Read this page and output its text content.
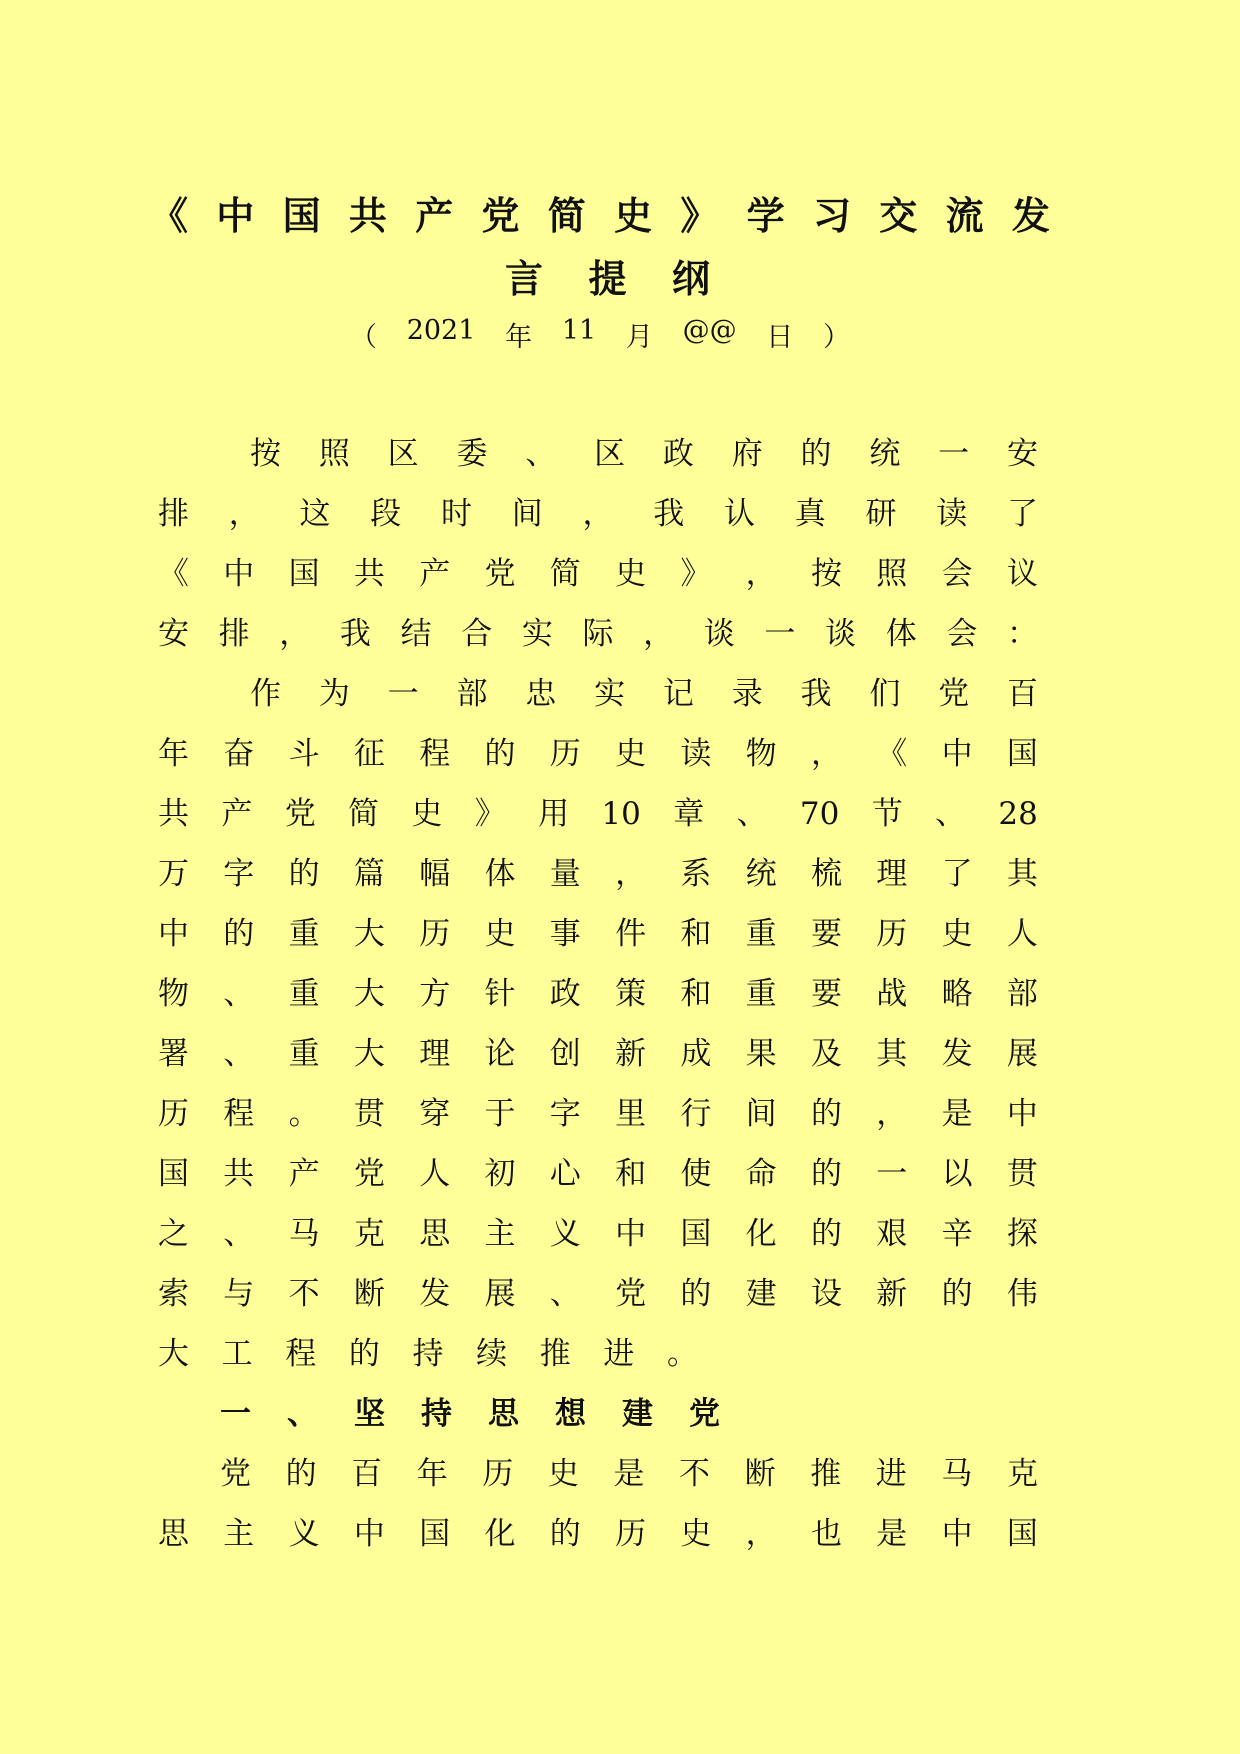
《 中 国 共 产 党 简 史 》 学 习 交 流 发
言 提 纲
（ 2021 年 11 月 @@ 日 ）
按 照 区 委 、 区 政 府 的 统 一 安
排 ， 这 段 时 间 ， 我 认 真 研 读 了
《 中 国 共 产 党 简 史 》 ， 按 照 会 议
安 排 ， 我 结 合 实 际 ， 谈 一 谈 体 会 ：
作 为 一 部 忠 实 记 录 我 们 党 百
年 奋 斗 征 程 的 历 史 读 物 ， 《 中 国
共 产 党 简 史 》 用 10 章 、 70 节 、 28
万 字 的 篇 幅 体 量 ， 系 统 梳 理 了 其
中 的 重 大 历 史 事 件 和 重 要 历 史 人
物 、 重 大 方 针 政 策 和 重 要 战 略 部
署 、 重 大 理 论 创 新 成 果 及 其 发 展
历 程 。 贯 穿 于 字 里 行 间 的 ， 是 中
国 共 产 党 人 初 心 和 使 命 的 一 以 贯
之 、 马 克 思 主 义 中 国 化 的 艰 辛 探
索 与 不 断 发 展 、 党 的 建 设 新 的 伟
大 工 程 的 持 续 推 进 。
一 、 坚 持 思 想 建 党
党 的 百 年 历 史 是 不 断 推 进 马 克
思 主 义 中 国 化 的 历 史 ， 也 是 中 国
